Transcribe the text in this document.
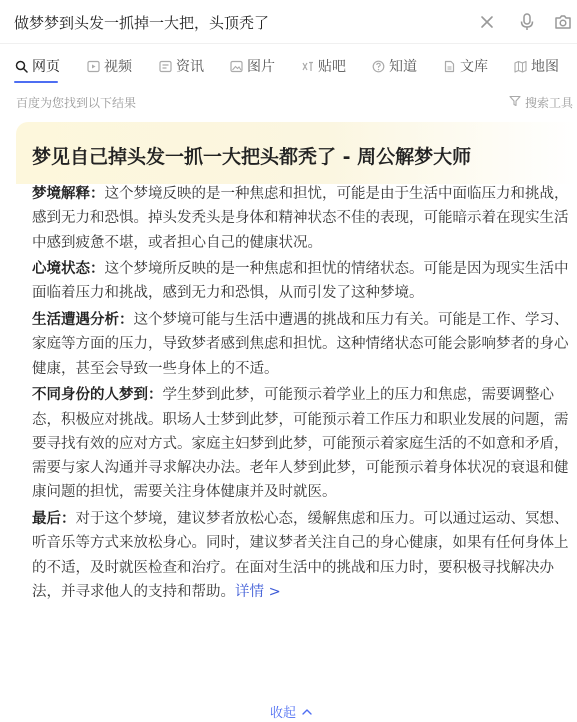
做梦梦到头发一抓掉一大把，头顶秃了
网页	视频	资讯	图片	贴吧	知道	文库	地图
百度为您找到以下结果	搜索工具
梦见自己掉头发一抓一大把头都秃了 - 周公解梦大师

梦境解释：这个梦境反映的是一种焦虑和担忧，可能是由于生活中面临压力和挑战，感到无力和恐惧。掉头发秃头是身体和精神状态不佳的表现，可能暗示着在现实生活中感到疲惫不堪，或者担心自己的健康状况。

心境状态：这个梦境所反映的是一种焦虑和担忧的情绪状态。可能是因为现实生活中面临着压力和挑战，感到无力和恐惧，从而引发了这种梦境。

生活遭遇分析：这个梦境可能与生活中遭遇的挑战和压力有关。可能是工作、学习、家庭等方面的压力，导致梦者感到焦虑和担忧。这种情绪状态可能会影响梦者的身心健康，甚至会导致一些身体上的不适。

不同身份的人梦到：学生梦到此梦，可能预示着学业上的压力和焦虑，需要调整心态，积极应对挑战。职场人士梦到此梦，可能预示着工作压力和职业发展的问题，需要寻找有效的应对方式。家庭主妇梦到此梦，可能预示着家庭生活的不如意和矛盾，需要与家人沟通并寻求解决办法。老年人梦到此梦，可能预示着身体状况的衰退和健康问题的担忧，需要关注身体健康并及时就医。

最后：对于这个梦境，建议梦者放松心态，缓解焦虑和压力。可以通过运动、冥想、听音乐等方式来放松身心。同时，建议梦者关注自己的身心健康，如果有任何身体上的不适，及时就医检查和治疗。在面对生活中的挑战和压力时，要积极寻找解决办法，并寻求他人的支持和帮助。详情 >

收起
